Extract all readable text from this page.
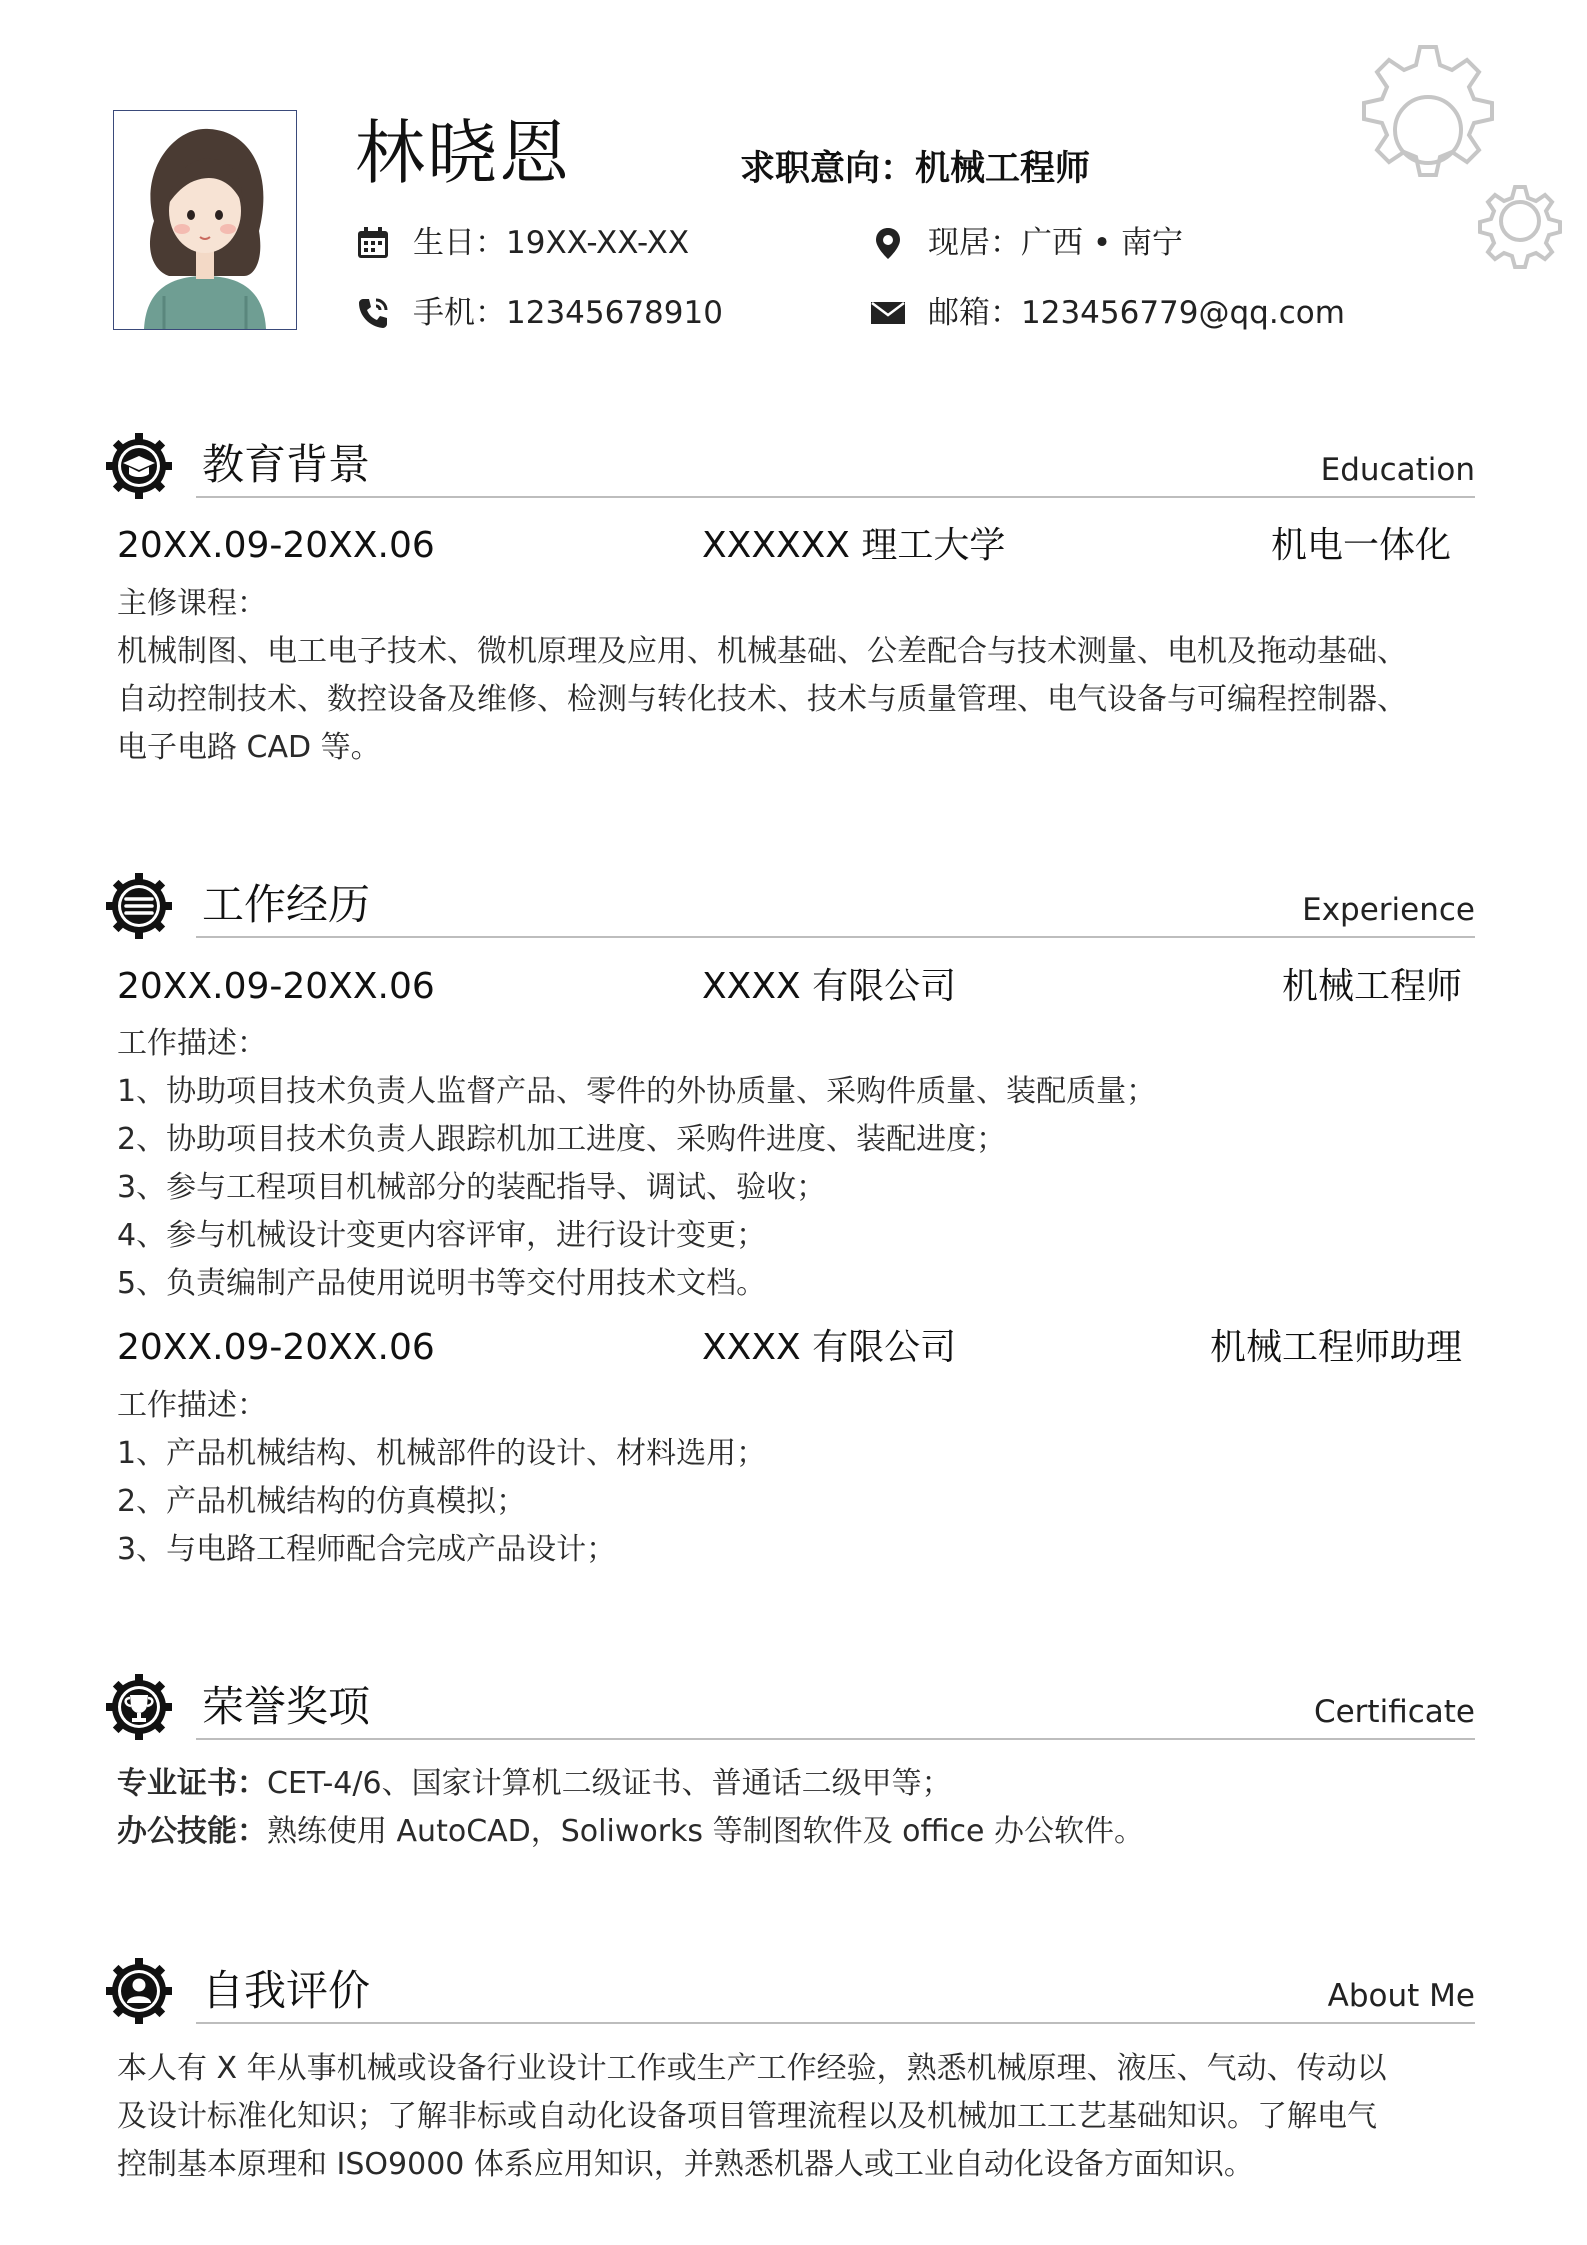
林晓恩	求职意向：机械工程师
生日：19XX-XX-XX
手机：12345678910
现居：广西 • 南宁
邮箱：123456779@qq.com
教育背景	Education
20XX.09-20XX.06	XXXXXX 理工大学	机电一体化

主修课程：

机械制图、电工电子技术、微机原理及应用、机械基础、公差配合与技术测量、电机及拖动基础、

自动控制技术、数控设备及维修、检测与转化技术、技术与质量管理、电气设备与可编程控制器、

电子电路 CAD 等。

工作经历	Experience
20XX.09-20XX.06	XXXX 有限公司	机械工程师

工作描述：

1、协助项目技术负责人监督产品、零件的外协质量、采购件质量、装配质量；

2、协助项目技术负责人跟踪机加工进度、采购件进度、装配进度；

3、参与工程项目机械部分的装配指导、调试、验收；

4、参与机械设计变更内容评审，进行设计变更；

5、负责编制产品使用说明书等交付用技术文档。

20XX.09-20XX.06	XXXX 有限公司	机械工程师助理

工作描述：

1、产品机械结构、机械部件的设计、材料选用；

2、产品机械结构的仿真模拟；

3、与电路工程师配合完成产品设计；

荣誉奖项	Certificate

专业证书：CET-4/6、国家计算机二级证书、普通话二级甲等；

办公技能：熟练使用 AutoCAD，Soliworks 等制图软件及 office 办公软件。

自我评价	About Me

本人有 X 年从事机械或设备行业设计工作或生产工作经验，熟悉机械原理、液压、气动、传动以

及设计标准化知识；了解非标或自动化设备项目管理流程以及机械加工工艺基础知识。了解电气

控制基本原理和 ISO9000 体系应用知识，并熟悉机器人或工业自动化设备方面知识。
